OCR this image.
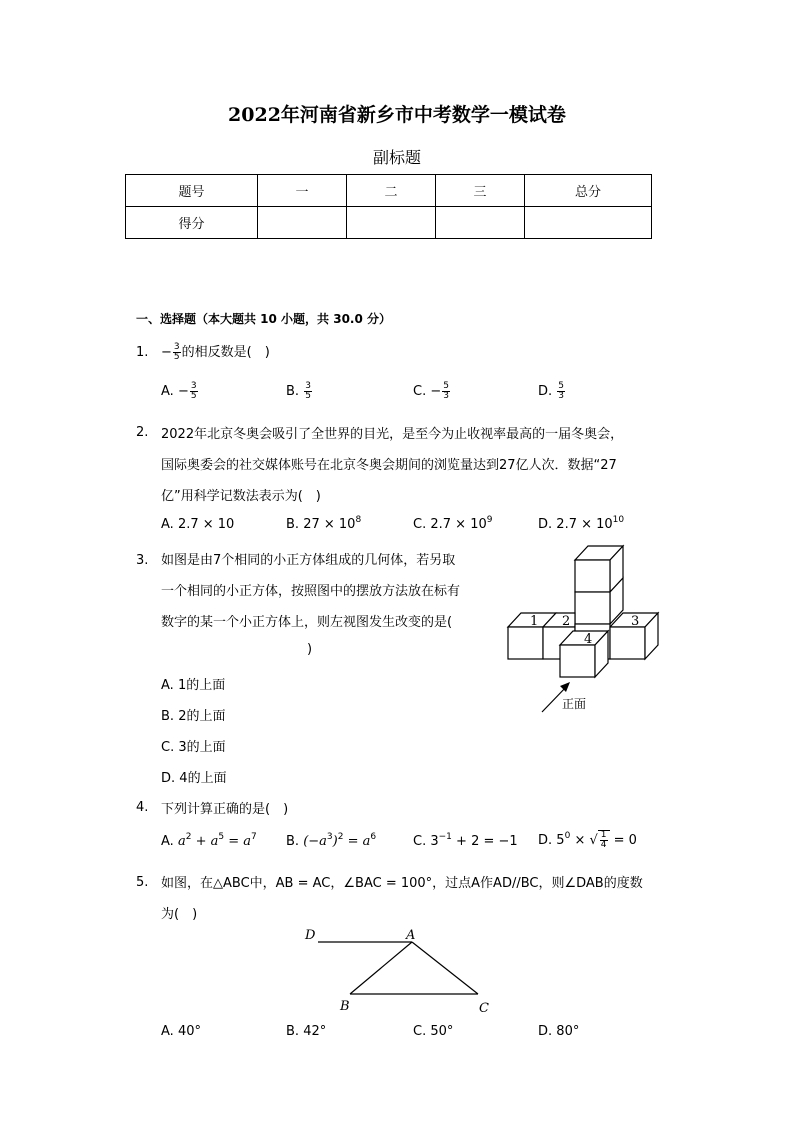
2022年河南省新乡市中考数学一模试卷
副标题
题号	一	二	三	总分
得分				
一、选择题（本大题共 10 小题，共 30.0 分）
1. − $\frac{3}{5}$ 的相反数是(　)
A. − $\frac{3}{5}$	B. $\frac{3}{5}$	C. − $\frac{5}{3}$	D. $\frac{5}{3}$
2. 2022年北京冬奥会吸引了全世界的目光，是至今为止收视率最高的一届冬奥会，
国际奥委会的社交媒体账号在北京冬奥会期间的浏览量达到27亿人次．数据“27
亿”用科学记数法表示为(　)
A. 2.7 × 10	B. $27 \times 10^8$	C. $2.7 \times 10^9$	D. $2.7 \times 10^{10}$
3. 如图是由7个相同的小正方体组成的几何体，若另取
一个相同的小正方体，按照图中的摆放方法放在标有
数字的某一个小正方体上，则左视图发生改变的是(
)
A. 1的上面
B. 2的上面
C. 3的上面
D. 4的上面
1 2	3
4
正面
4. 下列计算正确的是(　)
A. $a^2 + a^5 = a^7$ B. $(-a^3)^2 = a^6$	C. $3^{-1} + 2 = -1$ D. $5^0$ × √ $\frac{1}{4} = 0$
5. 如图，在△ABC中，AB = AC，∠BAC = 100°，过点A作AD//BC，则∠DAB的度数
为(　)
D	A
B	C
A. 40°	B. 42°	C. 50°	D. 80°
